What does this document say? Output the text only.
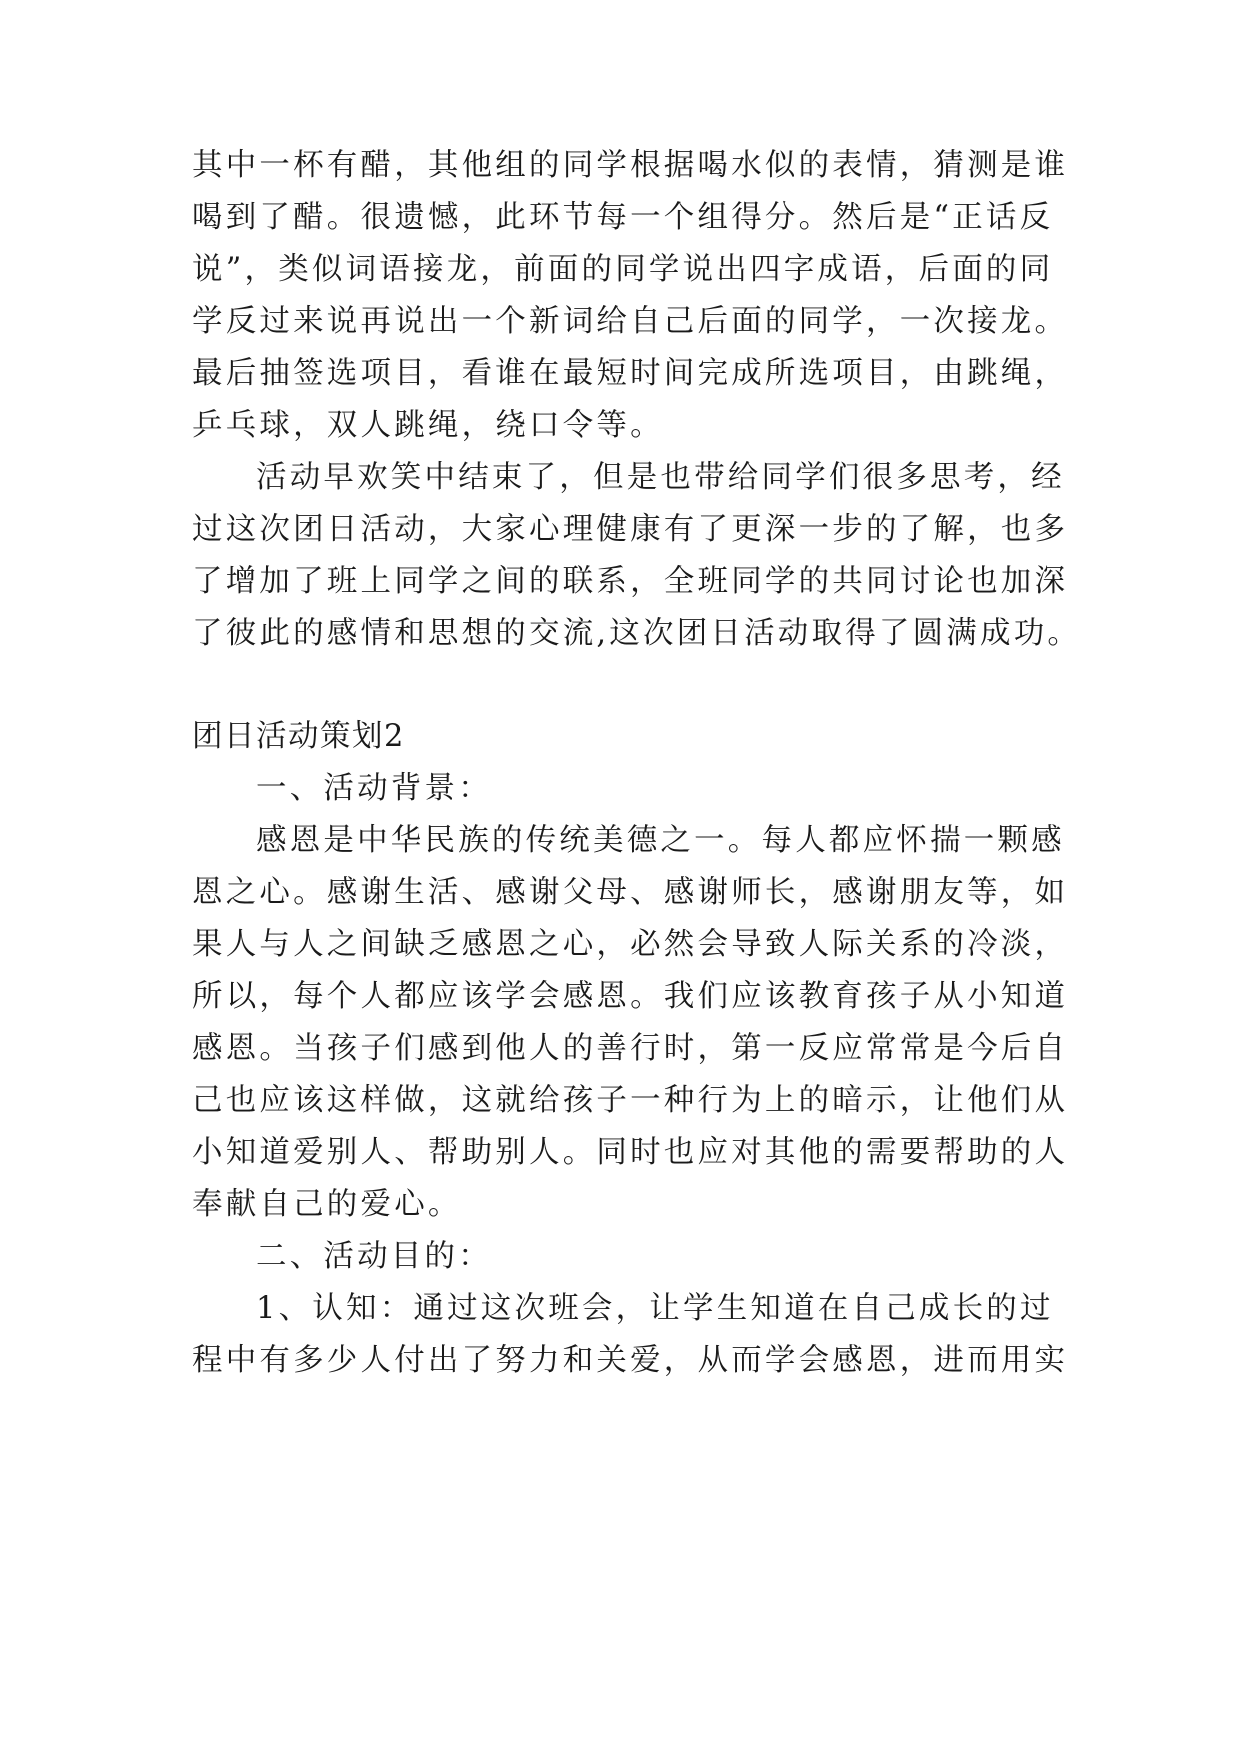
其中一杯有醋，其他组的同学根据喝水似的表情，猜测是谁
喝到了醋。很遗憾，此环节每一个组得分。然后是“正话反
说”，类似词语接龙，前面的同学说出四字成语，后面的同
学反过来说再说出一个新词给自己后面的同学，一次接龙。
最后抽签选项目，看谁在最短时间完成所选项目，由跳绳，
乒乓球，双人跳绳，绕口令等。
活动早欢笑中结束了，但是也带给同学们很多思考，经
过这次团日活动，大家心理健康有了更深一步的了解，也多
了增加了班上同学之间的联系，全班同学的共同讨论也加深
了彼此的感情和思想的交流,这次团日活动取得了圆满成功。
团日活动策划2
一、活动背景：
感恩是中华民族的传统美德之一。每人都应怀揣一颗感
恩之心。感谢生活、感谢父母、感谢师长，感谢朋友等，如
果人与人之间缺乏感恩之心，必然会导致人际关系的冷淡，
所以，每个人都应该学会感恩。我们应该教育孩子从小知道
感恩。当孩子们感到他人的善行时，第一反应常常是今后自
己也应该这样做，这就给孩子一种行为上的暗示，让他们从
小知道爱别人、帮助别人。同时也应对其他的需要帮助的人
奉献自己的爱心。
二、活动目的：
1、认知：通过这次班会，让学生知道在自己成长的过
程中有多少人付出了努力和关爱，从而学会感恩，进而用实
